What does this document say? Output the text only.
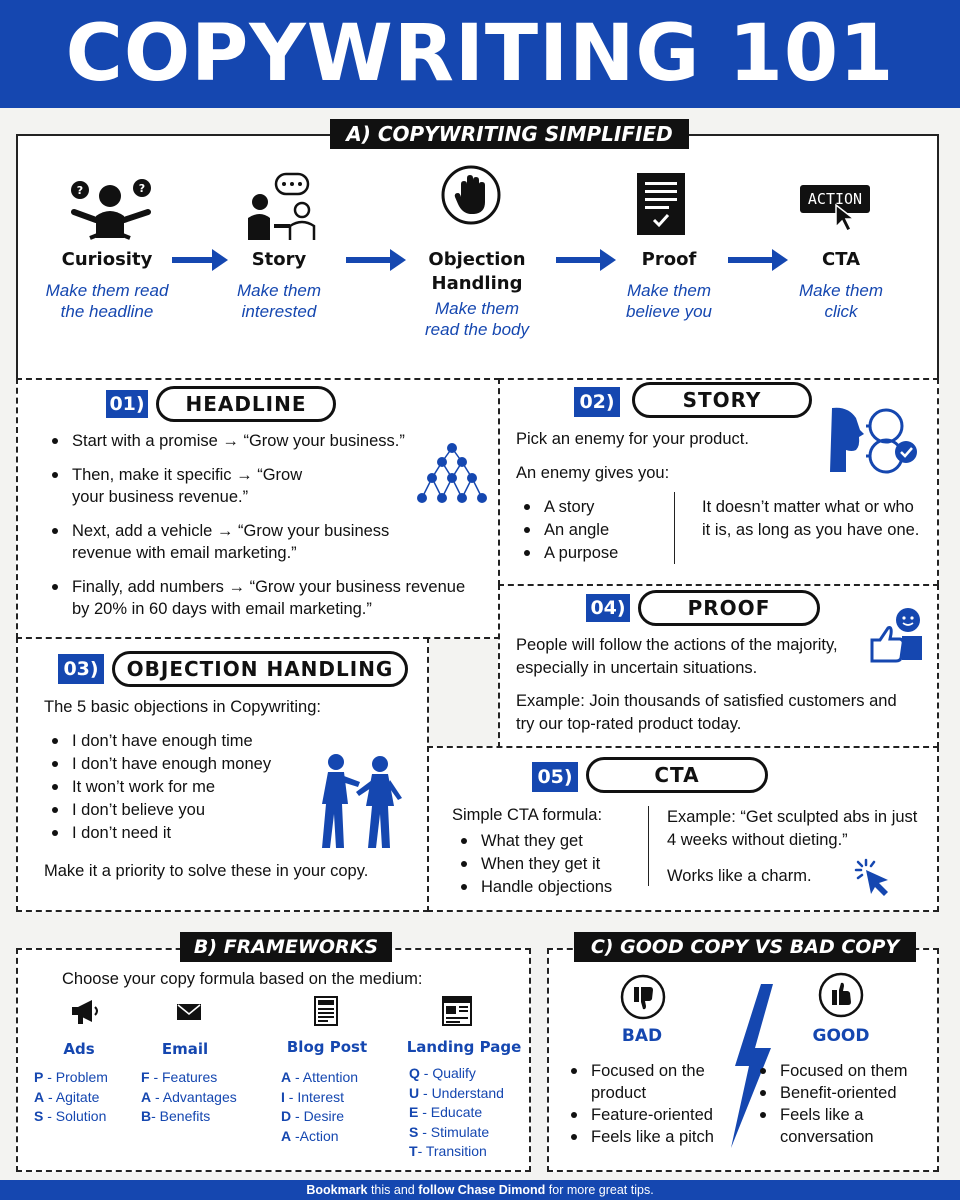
COPYWRITING 101
A) COPYWRITING SIMPLIFIED
?	?
ACTION
Curiosity
Make them read the headline
Story
Make them interested
Objection Handling
Make them read the body
Proof
Make them believe you
CTA
Make them click
01)	HEADLINE
Start with a promise → “Grow your business.”
Then, make it specific → “Grow your business revenue.”
Next, add a vehicle → “Grow your business revenue with email marketing.”
Finally, add numbers → “Grow your business revenue by 20% in 60 days with email marketing.”
02)	STORY
Pick an enemy for your product.
An enemy gives you:
A story
An angle
A purpose
It doesn’t matter what or who it is, as long as you have one.
04)	PROOF
People will follow the actions of the majority, especially in uncertain situations.
Example: Join thousands of satisfied customers and try our top-rated product today.
03)	OBJECTION HANDLING
The 5 basic objections in Copywriting:
I don’t have enough time
I don’t have enough money
It won’t work for me
I don’t believe you
I don’t need it
Make it a priority to solve these in your copy.
05)	CTA
Simple CTA formula:
What they get
When they get it
Handle objections
Example: “Get sculpted abs in just 4 weeks without dieting.”
Works like a charm.
B) FRAMEWORKS
Choose your copy formula based on the medium:
Ads	Email	Blog Post	Landing Page
P - Problem
A - Agitate
S - Solution
F - Features
A - Advantages
B- Benefits
A - Attention
I - Interest
D - Desire
A -Action
Q - Qualify
U - Understand
E - Educate
S - Stimulate
T- Transition
C) GOOD COPY VS BAD COPY
BAD	GOOD
Focused on the product
Feature-oriented
Feels like a pitch
Focused on them
Benefit-oriented
Feels like a conversation
Bookmark this and follow Chase Dimond for more great tips.
